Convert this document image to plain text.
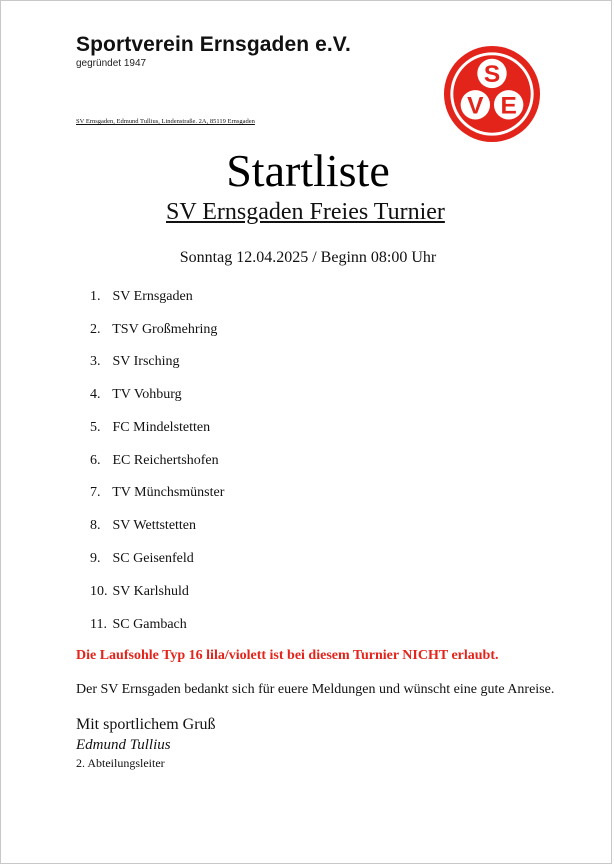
Sportverein Ernsgaden e.V.
gegründet 1947
SV Ernsgaden, Edmund Tullius, Lindenstraße. 2A, 85119 Ernsgaden
S
V E
Startliste
SV Ernsgaden Freies Turnier
Sonntag 12.04.2025 / Beginn 08:00 Uhr
1. SV Ernsgaden
2. TSV Großmehring
3. SV Irsching
4. TV Vohburg
5. FC Mindelstetten
6. EC Reichertshofen
7. TV Münchsmünster
8. SV Wettstetten
9. SC Geisenfeld
10. SV Karlshuld
11. SC Gambach
Die Laufsohle Typ 16 lila/violett ist bei diesem Turnier NICHT erlaubt.
Der SV Ernsgaden bedankt sich für euere Meldungen und wünscht eine gute Anreise.
Mit sportlichem Gruß
Edmund Tullius
2. Abteilungsleiter
